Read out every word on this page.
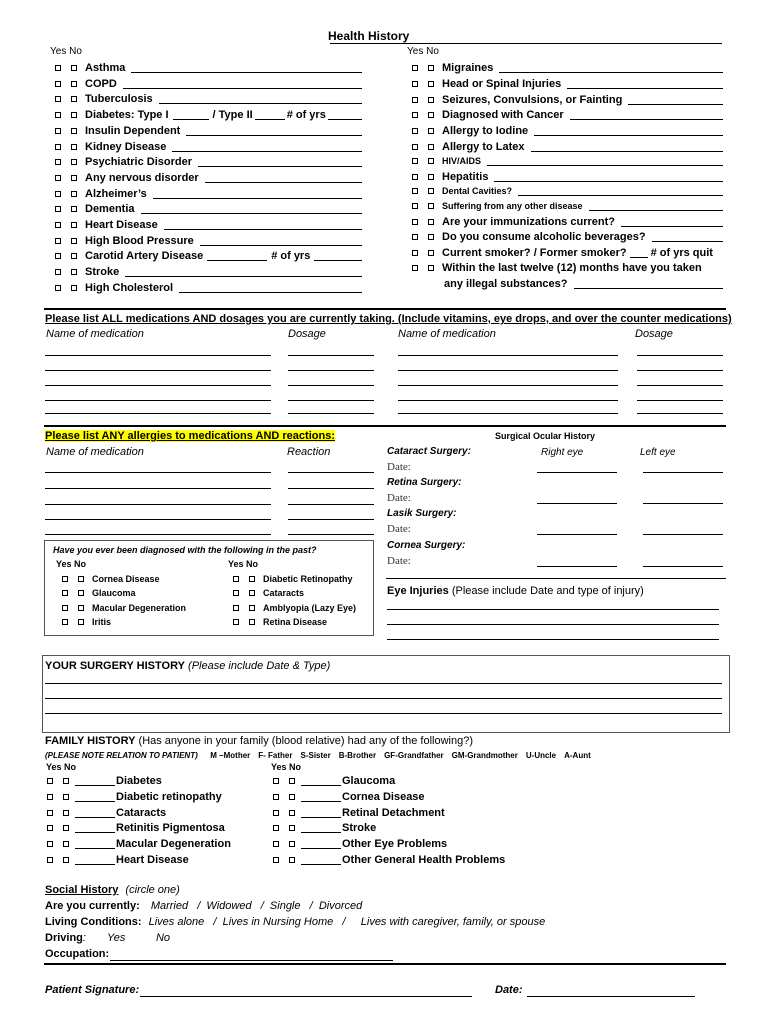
Health History
Yes No	Yes No
Asthma
COPD
Tuberculosis
Diabetes: Type I	/ Type II	# of yrs
Insulin Dependent
Kidney Disease
Psychiatric Disorder
Any nervous disorder
Alzheimer’s
Dementia
Heart Disease
High Blood Pressure
Carotid Artery Disease	# of yrs
Stroke
High Cholesterol
Migraines
Head or Spinal Injuries
Seizures, Convulsions, or Fainting
Diagnosed with Cancer
Allergy to Iodine
Allergy to Latex
HIV/AIDS
Hepatitis
Dental Cavities?
Suffering from any other disease
Are your immunizations current?
Do you consume alcoholic beverages?
Current smoker? / Former smoker? # of yrs quit
Within the last twelve (12) months have you taken
any illegal substances?
Please list ALL medications AND dosages you are currently taking. (Include vitamins, eye drops, and over the counter medications)
Name of medication	Dosage	Name of medication	Dosage
Please list ANY allergies to medications AND reactions:
Name of medication	Reaction
Surgical Ocular History
Right eye	Left eye
Cataract Surgery:
Date:
Retina Surgery:
Date:
Lasik Surgery:
Date:
Cornea Surgery:
Date:
Have you ever been diagnosed with the following in the past?
Yes No	Yes No
Cornea Disease
Glaucoma
Macular Degeneration
Iritis
Diabetic Retinopathy
Cataracts
Amblyopia (Lazy Eye)
Retina Disease
Eye Injuries (Please include Date and type of injury)
YOUR SURGERY HISTORY (Please include Date & Type)
FAMILY HISTORY (Has anyone in your family (blood relative) had any of the following?)
(PLEASE NOTE RELATION TO PATIENT) M –Mother F- Father S-Sister B-Brother GF-Grandfather GM-Grandmother U-Uncle A-Aunt
Yes No	Yes No
Diabetes
Diabetic retinopathy
Cataracts
Retinitis Pigmentosa
Macular Degeneration
Heart Disease
Glaucoma
Cornea Disease
Retinal Detachment
Stroke
Other Eye Problems
Other General Health Problems
Social History (circle one)
Are you currently: Married   /  Widowed   /  Single   /  Divorced
Living Conditions: Lives alone   /  Lives in Nursing Home   /     Lives with caregiver, family, or spouse
Driving: Yes          No
Occupation:
Patient Signature:	Date:
